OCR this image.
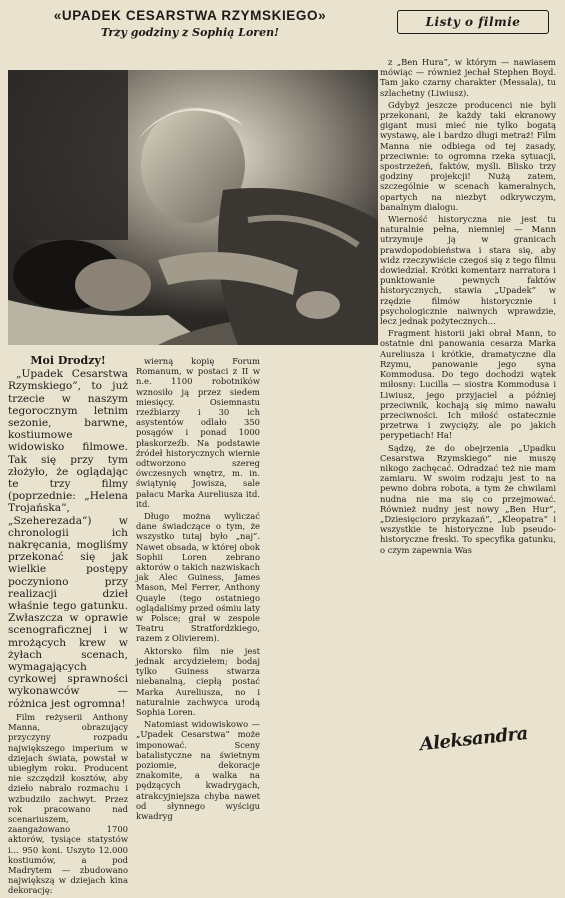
«UPADEK CESARSTWA RZYMSKIEGO»
Trzy godziny z Sophią Loren!
Listy o filmie

Moi Drodzy!

„Upadek Cesarstwa Rzymskiego”, to już trzecie w naszym tegorocznym letnim sezonie, barwne, kostiumowe widowisko filmowe. Tak się przy tym złożyło, że oglądając te trzy filmy (poprzednie: „Helena Trojańska”, „Szeherezada”) w chronologii ich nakręcania, mogliśmy przekonać się jak wielkie postępy poczyniono przy realizacji dzieł właśnie tego gatunku. Zwłaszcza w oprawie scenograficznej i w mrożących krew w żyłach scenach, wymagających cyrkowej sprawności wykonawców — różnica jest ogromna!

Film reżyserii Anthony Manna, obrazujący przyczyny rozpadu największego imperium w dziejach świata, powstał w ubiegłym roku. Producent nie szczędził kosztów, aby dzieło nabrało rozmachu i wzbudziło zachwyt. Przez rok pracowano nad scenariuszem, zaangażowano 1700 aktorów, tysiące statystów i... 950 koni. Uszyto 12.000 kostiumów, a pod Madrytem — zbudowano największą w dziejach kina dekorację:

wierną kopię Forum Romanum, w postaci z II w n.e. 1100 robotników wznosiło ją przez siedem miesięcy. Osiemnastu rzeźbiarzy i 30 ich asystentów odlało 350 posągów i ponad 1000 płaskorzeźb. Na podstawie źródeł historycznych wiernie odtworzono szereg ówczesnych wnętrz, m. in. świątynię Jowisza, sale pałacu Marka Aureliusza itd. itd.

Długo można wyliczać dane świadczące o tym, że wszystko tutaj było „naj”. Nawet obsada, w której obok Sophii Loren zebrano aktorów o takich nazwiskach jak Alec Guiness, James Mason, Mel Ferrer, Anthony Quayle (tego ostatniego oglądaliśmy przed ośmiu laty w Polsce; grał w zespole Teatru Stratfordzkiego, razem z Olivierem).

Aktorsko film nie jest jednak arcydziełem; bodaj tylko Guiness stwarza niebanalną, ciepłą postać Marka Aureliusza, no i naturalnie zachwyca urodą Sophia Loren.

Natomiast widowiskowo — „Upadek Cesarstwa” może imponować. Sceny batalistyczne na świetnym poziomie, dekoracje znakomite, a walka na pędzących kwadrygach, atrakcyjniejsza chyba nawet od słynnego wyścigu kwadryg

z „Ben Hura”, w którym — nawiasem mówiąc — również jechał Stephen Boyd. Tam jako czarny charakter (Messala), tu szlachetny (Liwiusz).

Gdybyż jeszcze producenci nie byli przekonani, że każdy taki ekranowy gigant musi mieć nie tylko bogatą wystawę, ale i bardzo długi metraż! Film Manna nie odbiega od tej zasady, przeciwnie: to ogromna rzeka sytuacji, spostrzeżeń, faktów, myśli. Blisko trzy godziny projekcji! Nużą zatem, szczególnie w scenach kameralnych, opartych na niezbyt odkrywczym, banalnym dialogu.

Wierność historyczna nie jest tu naturalnie pełna, niemniej — Mann utrzymuje ją w granicach prawdopodobieństwa i stara się, aby widz rzeczywiście czegoś się z tego filmu dowiedział. Krótki komentarz narratora i punktowanie pewnych faktów historycznych, stawia „Upadek” w rzędzie filmów historycznie i psychologicznie naiwnych wprawdzie, lecz jednak pożytecznych...

Fragment historii jaki obrał Mann, to ostatnie dni panowania cesarza Marka Aureliusza i krótkie, dramatyczne dla Rzymu, panowanie jego syna Kommodusa. Do tego dochodzi wątek miłosny: Lucilla — siostra Kommodusa i Liwiusz, jego przyjaciel a później przeciwnik, kochają się mimo nawału przeciwności. Ich miłość ostatecznie przetrwa i zwycięży, ale po jakich perypetiach! Ha!

Sądzę, że do obejrzenia „Upadku Cesarstwa Rzymskiego” nie muszę nikogo zachęcać. Odradzać też nie mam zamiaru. W swoim rodzaju jest to na pewno dobra robota, a tym że chwilami nudna nie ma się co przejmować. Również nudny jest nowy „Ben Hur”, „Dziesięcioro przykazań”, „Kleopatra” i wszystkie te historyczne lub pseudo-historyczne freski. To specyfika gatunku, o czym zapewnia Was

Aleksandra
